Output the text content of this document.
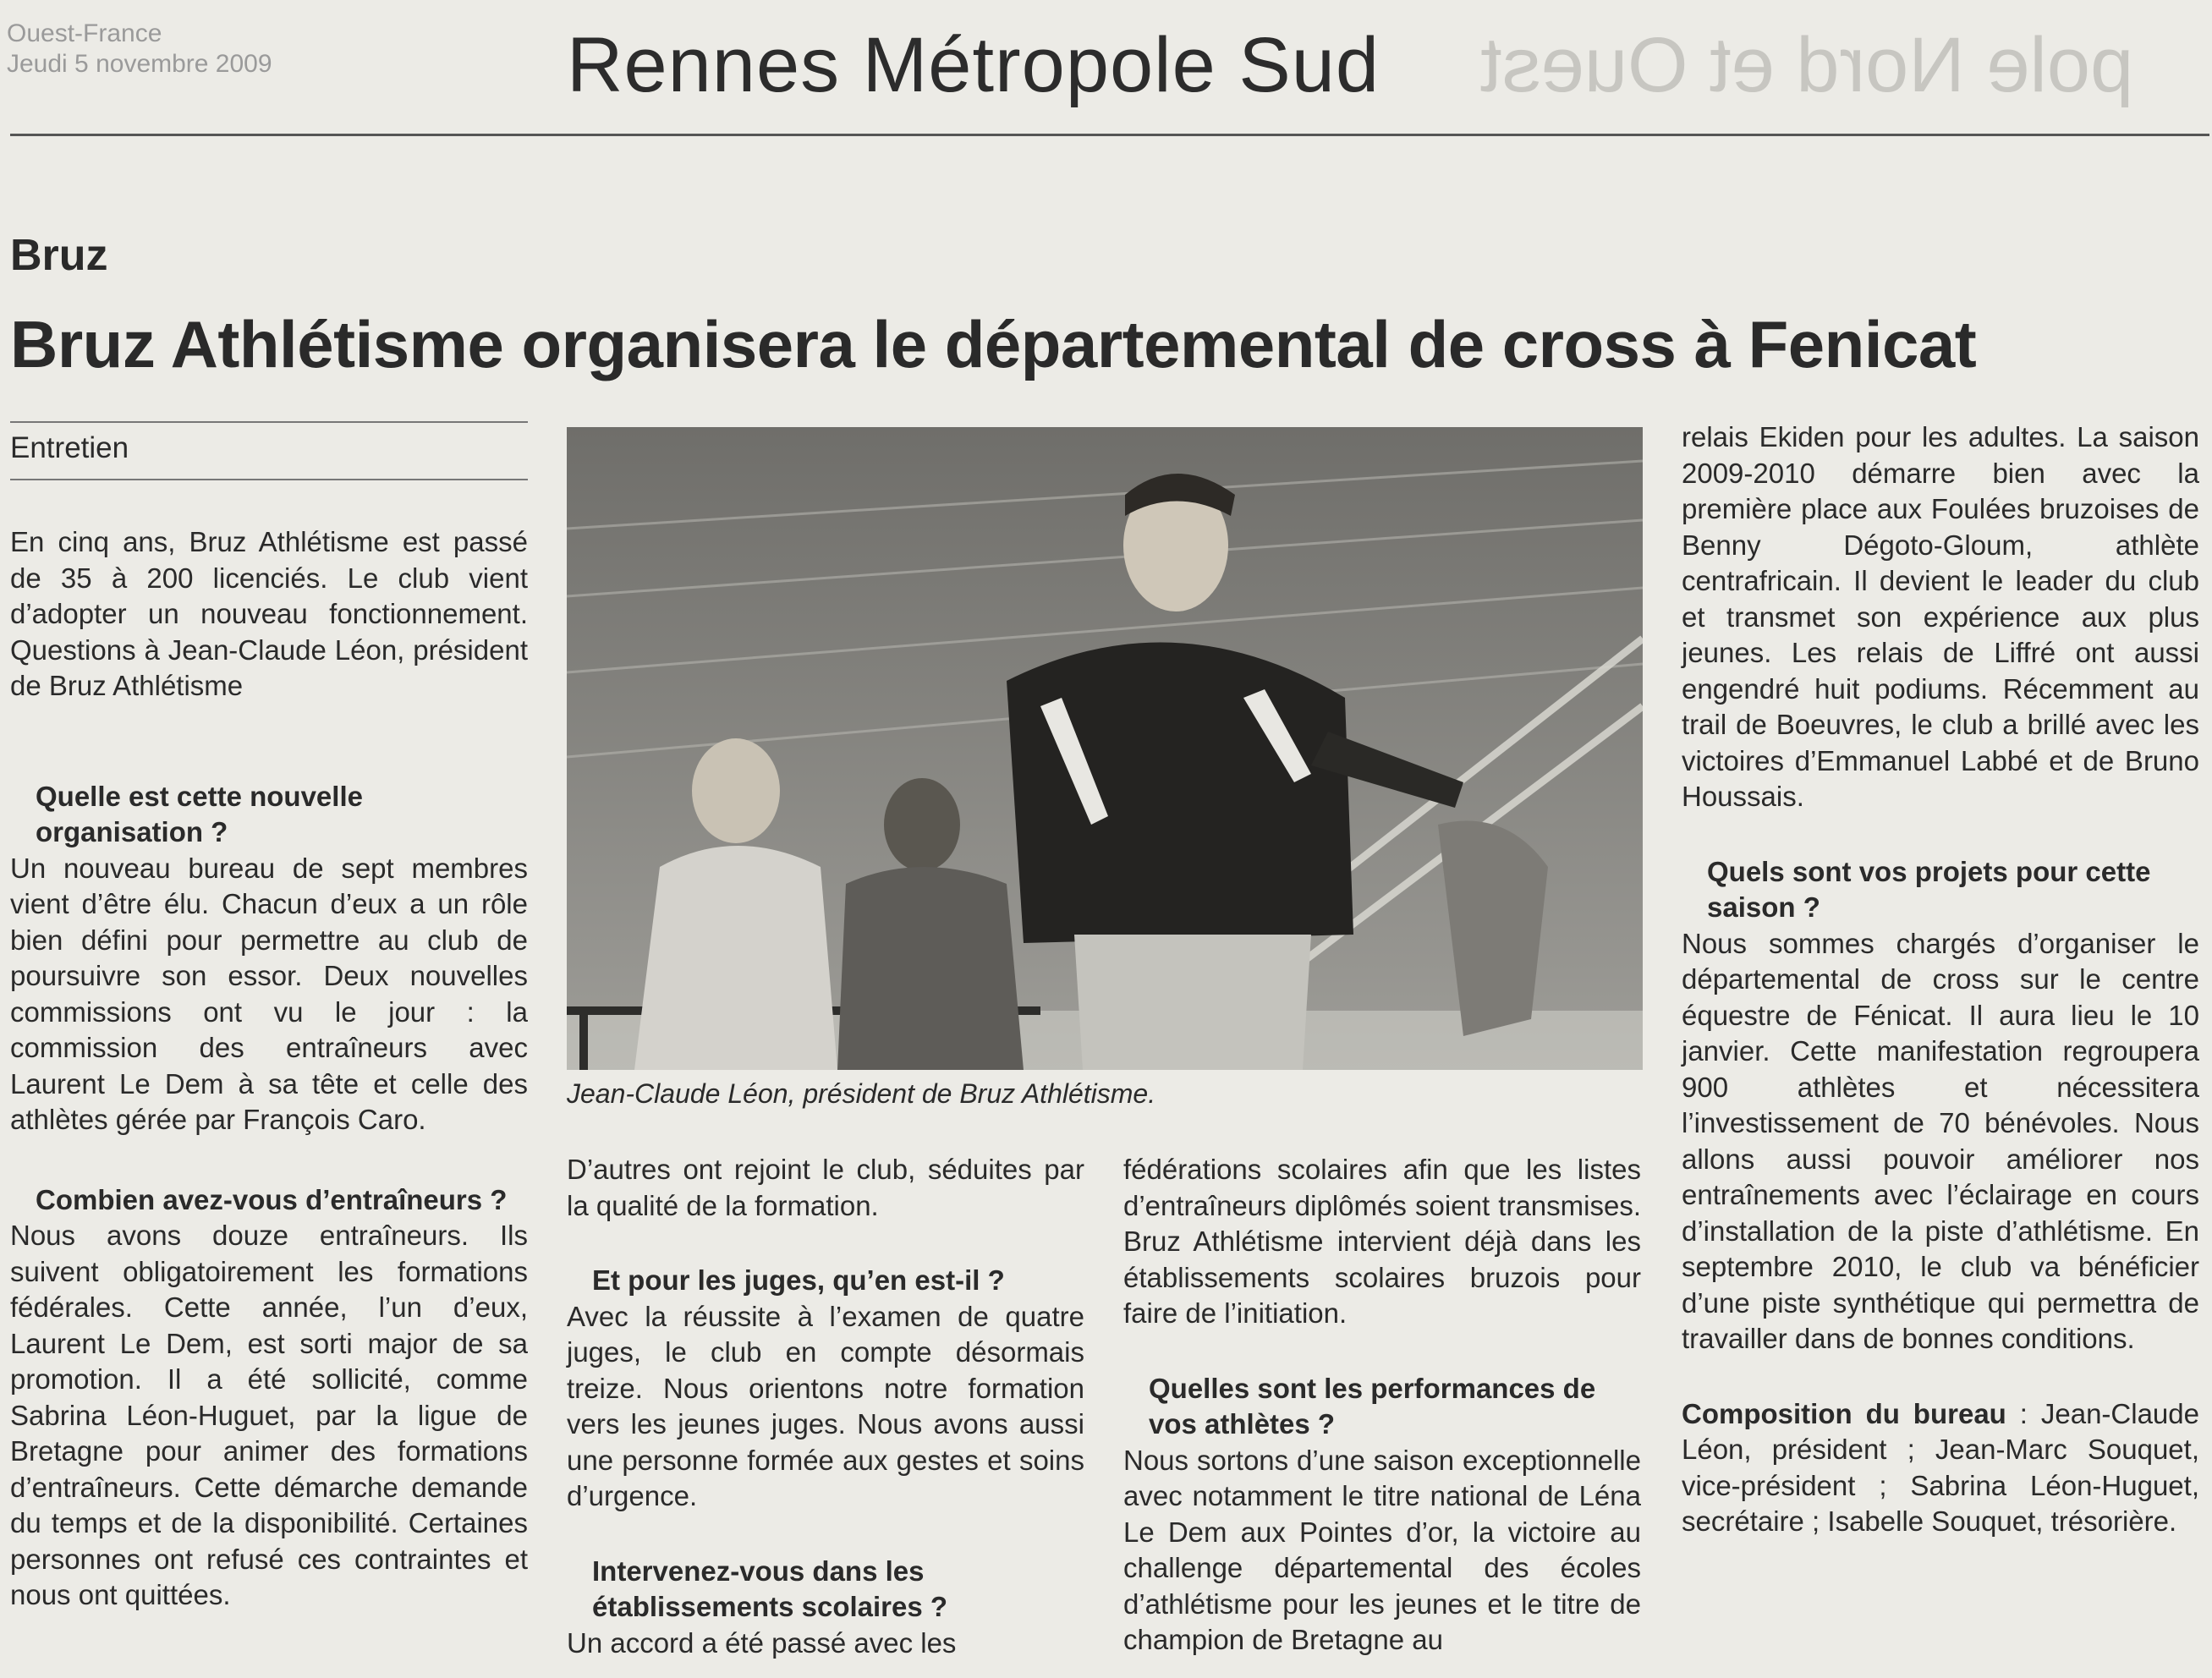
Ouest-France
Jeudi 5 novembre 2009	Rennes Métropole Sud pole Nord et Ouest
Bruz
Bruz Athlétisme organisera le départemental de cross à Fenicat
Entretien

En cinq ans, Bruz Athlétisme est passé de 35 à 200 licenciés. Le club vient d’adopter un nouveau fonctionnement. Questions à Jean-Claude Léon, président de Bruz Athlétisme

Quelle est cette nouvelle organisation ?

Un nouveau bureau de sept membres vient d’être élu. Chacun d’eux a un rôle bien défini pour permettre au club de poursuivre son essor. Deux nouvelles commissions ont vu le jour : la commission des entraîneurs avec Laurent Le Dem à sa tête et celle des athlètes gérée par François Caro.

Combien avez-vous d’entraîneurs ?

Nous avons douze entraîneurs. Ils suivent obligatoirement les formations fédérales. Cette année, l’un d’eux, Laurent Le Dem, est sorti major de sa promotion. Il a été sollicité, comme Sabrina Léon-Huguet, par la ligue de Bretagne pour animer des formations d’entraîneurs. Cette démarche demande du temps et de la disponibilité. Certaines personnes ont refusé ces contraintes et nous ont quittées.

Jean-Claude Léon, président de Bruz Athlétisme.

D’autres ont rejoint le club, séduites par la qualité de la formation.

Et pour les juges, qu’en est-il ?

Avec la réussite à l’examen de quatre juges, le club en compte désormais treize. Nous orientons notre formation vers les jeunes juges. Nous avons aussi une personne formée aux gestes et soins d’urgence.

Intervenez-vous dans les établissements scolaires ?

Un accord a été passé avec les

fédérations scolaires afin que les listes d’entraîneurs diplômés soient transmises. Bruz Athlétisme intervient déjà dans les établissements scolaires bruzois pour faire de l’initiation.

Quelles sont les performances de vos athlètes ?

Nous sortons d’une saison exceptionnelle avec notamment le titre national de Léna Le Dem aux Pointes d’or, la victoire au challenge départemental des écoles d’athlétisme pour les jeunes et le titre de champion de Bretagne au

relais Ekiden pour les adultes. La saison 2009-2010 démarre bien avec la première place aux Foulées bruzoises de Benny Dégoto-Gloum, athlète centrafricain. Il devient le leader du club et transmet son expérience aux plus jeunes. Les relais de Liffré ont aussi engendré huit podiums. Récemment au trail de Boeuvres, le club a brillé avec les victoires d’Emmanuel Labbé et de Bruno Houssais.

Quels sont vos projets pour cette saison ?

Nous sommes chargés d’organiser le départemental de cross sur le centre équestre de Fénicat. Il aura lieu le 10 janvier. Cette manifestation regroupera 900 athlètes et nécessitera l’investissement de 70 bénévoles. Nous allons aussi pouvoir améliorer nos entraînements avec l’éclairage en cours d’installation de la piste d’athlétisme. En septembre 2010, le club va bénéficier d’une piste synthétique qui permettra de travailler dans de bonnes conditions.

Composition du bureau : Jean-Claude Léon, président ; Jean-Marc Souquet, vice-président ; Sabrina Léon-Huguet, secrétaire ; Isabelle Souquet, trésorière.
